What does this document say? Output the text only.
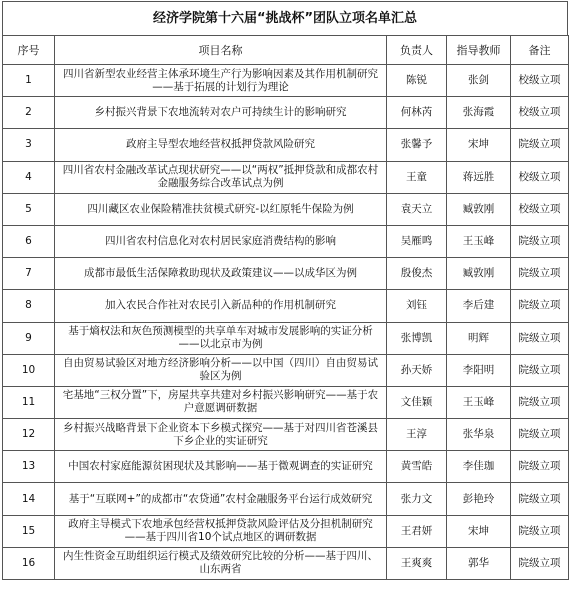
经济学院第十六届“挑战杯”团队立项名单汇总
序号	项目名称	负责人	指导教师	备注
1	四川省新型农业经营主体承环境生产行为影响因素及其作用机制研究——基于拓展的计划行为理论	陈锐	张剑	校级立项
2	乡村振兴背景下农地流转对农户可持续生计的影响研究	何林芮	张海霞	校级立项
3	政府主导型农地经营权抵押贷款风险研究	张馨予	宋坤	院级立项
4	四川省农村金融改革试点现状研究——以“两权”抵押贷款和成都农村金融服务综合改革试点为例	王童	蒋远胜	校级立项
5	四川藏区农业保险精准扶贫模式研究-以红原牦牛保险为例	袁天立	臧敦刚	校级立项
6	四川省农村信息化对农村居民家庭消费结构的影响	吴雁鸣	王玉峰	院级立项
7	成都市最低生活保障救助现状及政策建议——以成华区为例	殷俊杰	臧敦刚	院级立项
8	加入农民合作社对农民引入新品种的作用机制研究	刘钰	李后建	院级立项
9	基于熵权法和灰色预测模型的共享单车对城市发展影响的实证分析——以北京市为例	张博凯	明辉	院级立项
10	自由贸易试验区对地方经济影响分析——以中国（四川）自由贸易试验区为例	孙天娇	李阳明	院级立项
11	宅基地“三权分置”下，房屋共享共建对乡村振兴影响研究——基于农户意愿调研数据	文佳颖	王玉峰	院级立项
12	乡村振兴战略背景下企业资本下乡模式探究——基于对四川省苍溪县下乡企业的实证研究	王淳	张华泉	院级立项
13	中国农村家庭能源贫困现状及其影响——基于微观调查的实证研究	黄雪皓	李佳珈	院级立项
14	基于“互联网+”的成都市“农贷通”农村金融服务平台运行成效研究	张力文	彭艳玲	院级立项
15	政府主导模式下农地承包经营权抵押贷款风险评估及分担机制研究——基于四川省10个试点地区的调研数据	王君妍	宋坤	院级立项
16	内生性资金互助组织运行模式及绩效研究比较的分析——基于四川、山东两省	王爽爽	郭华	院级立项
